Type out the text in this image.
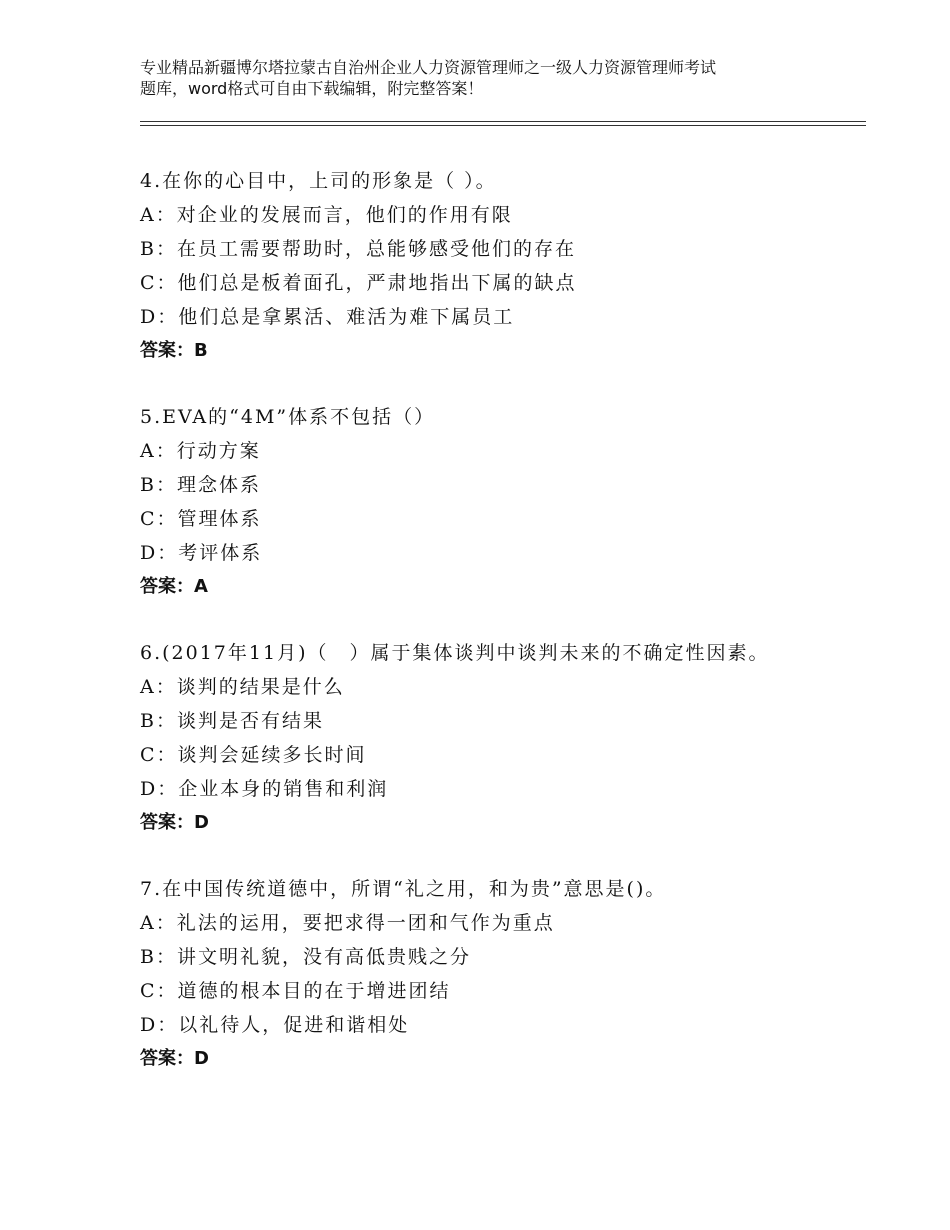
专业精品新疆博尔塔拉蒙古自治州企业人力资源管理师之一级人力资源管理师考试
题库，word格式可自由下载编辑，附完整答案！
4.在你的心目中，上司的形象是（ ）。
A：对企业的发展而言，他们的作用有限
B：在员工需要帮助时，总能够感受他们的存在
C：他们总是板着面孔，严肃地指出下属的缺点
D：他们总是拿累活、难活为难下属员工
答案：B
5.EVA的“4M”体系不包括（）
A：行动方案
B：理念体系
C：管理体系
D：考评体系
答案：A
6.(2017年11月)（　）属于集体谈判中谈判未来的不确定性因素。
A：谈判的结果是什么
B：谈判是否有结果
C：谈判会延续多长时间
D：企业本身的销售和利润
答案：D
7.在中国传统道德中，所谓“礼之用，和为贵”意思是()。
A：礼法的运用，要把求得一团和气作为重点
B：讲文明礼貌，没有高低贵贱之分
C：道德的根本目的在于增进团结
D：以礼待人，促进和谐相处
答案：D
